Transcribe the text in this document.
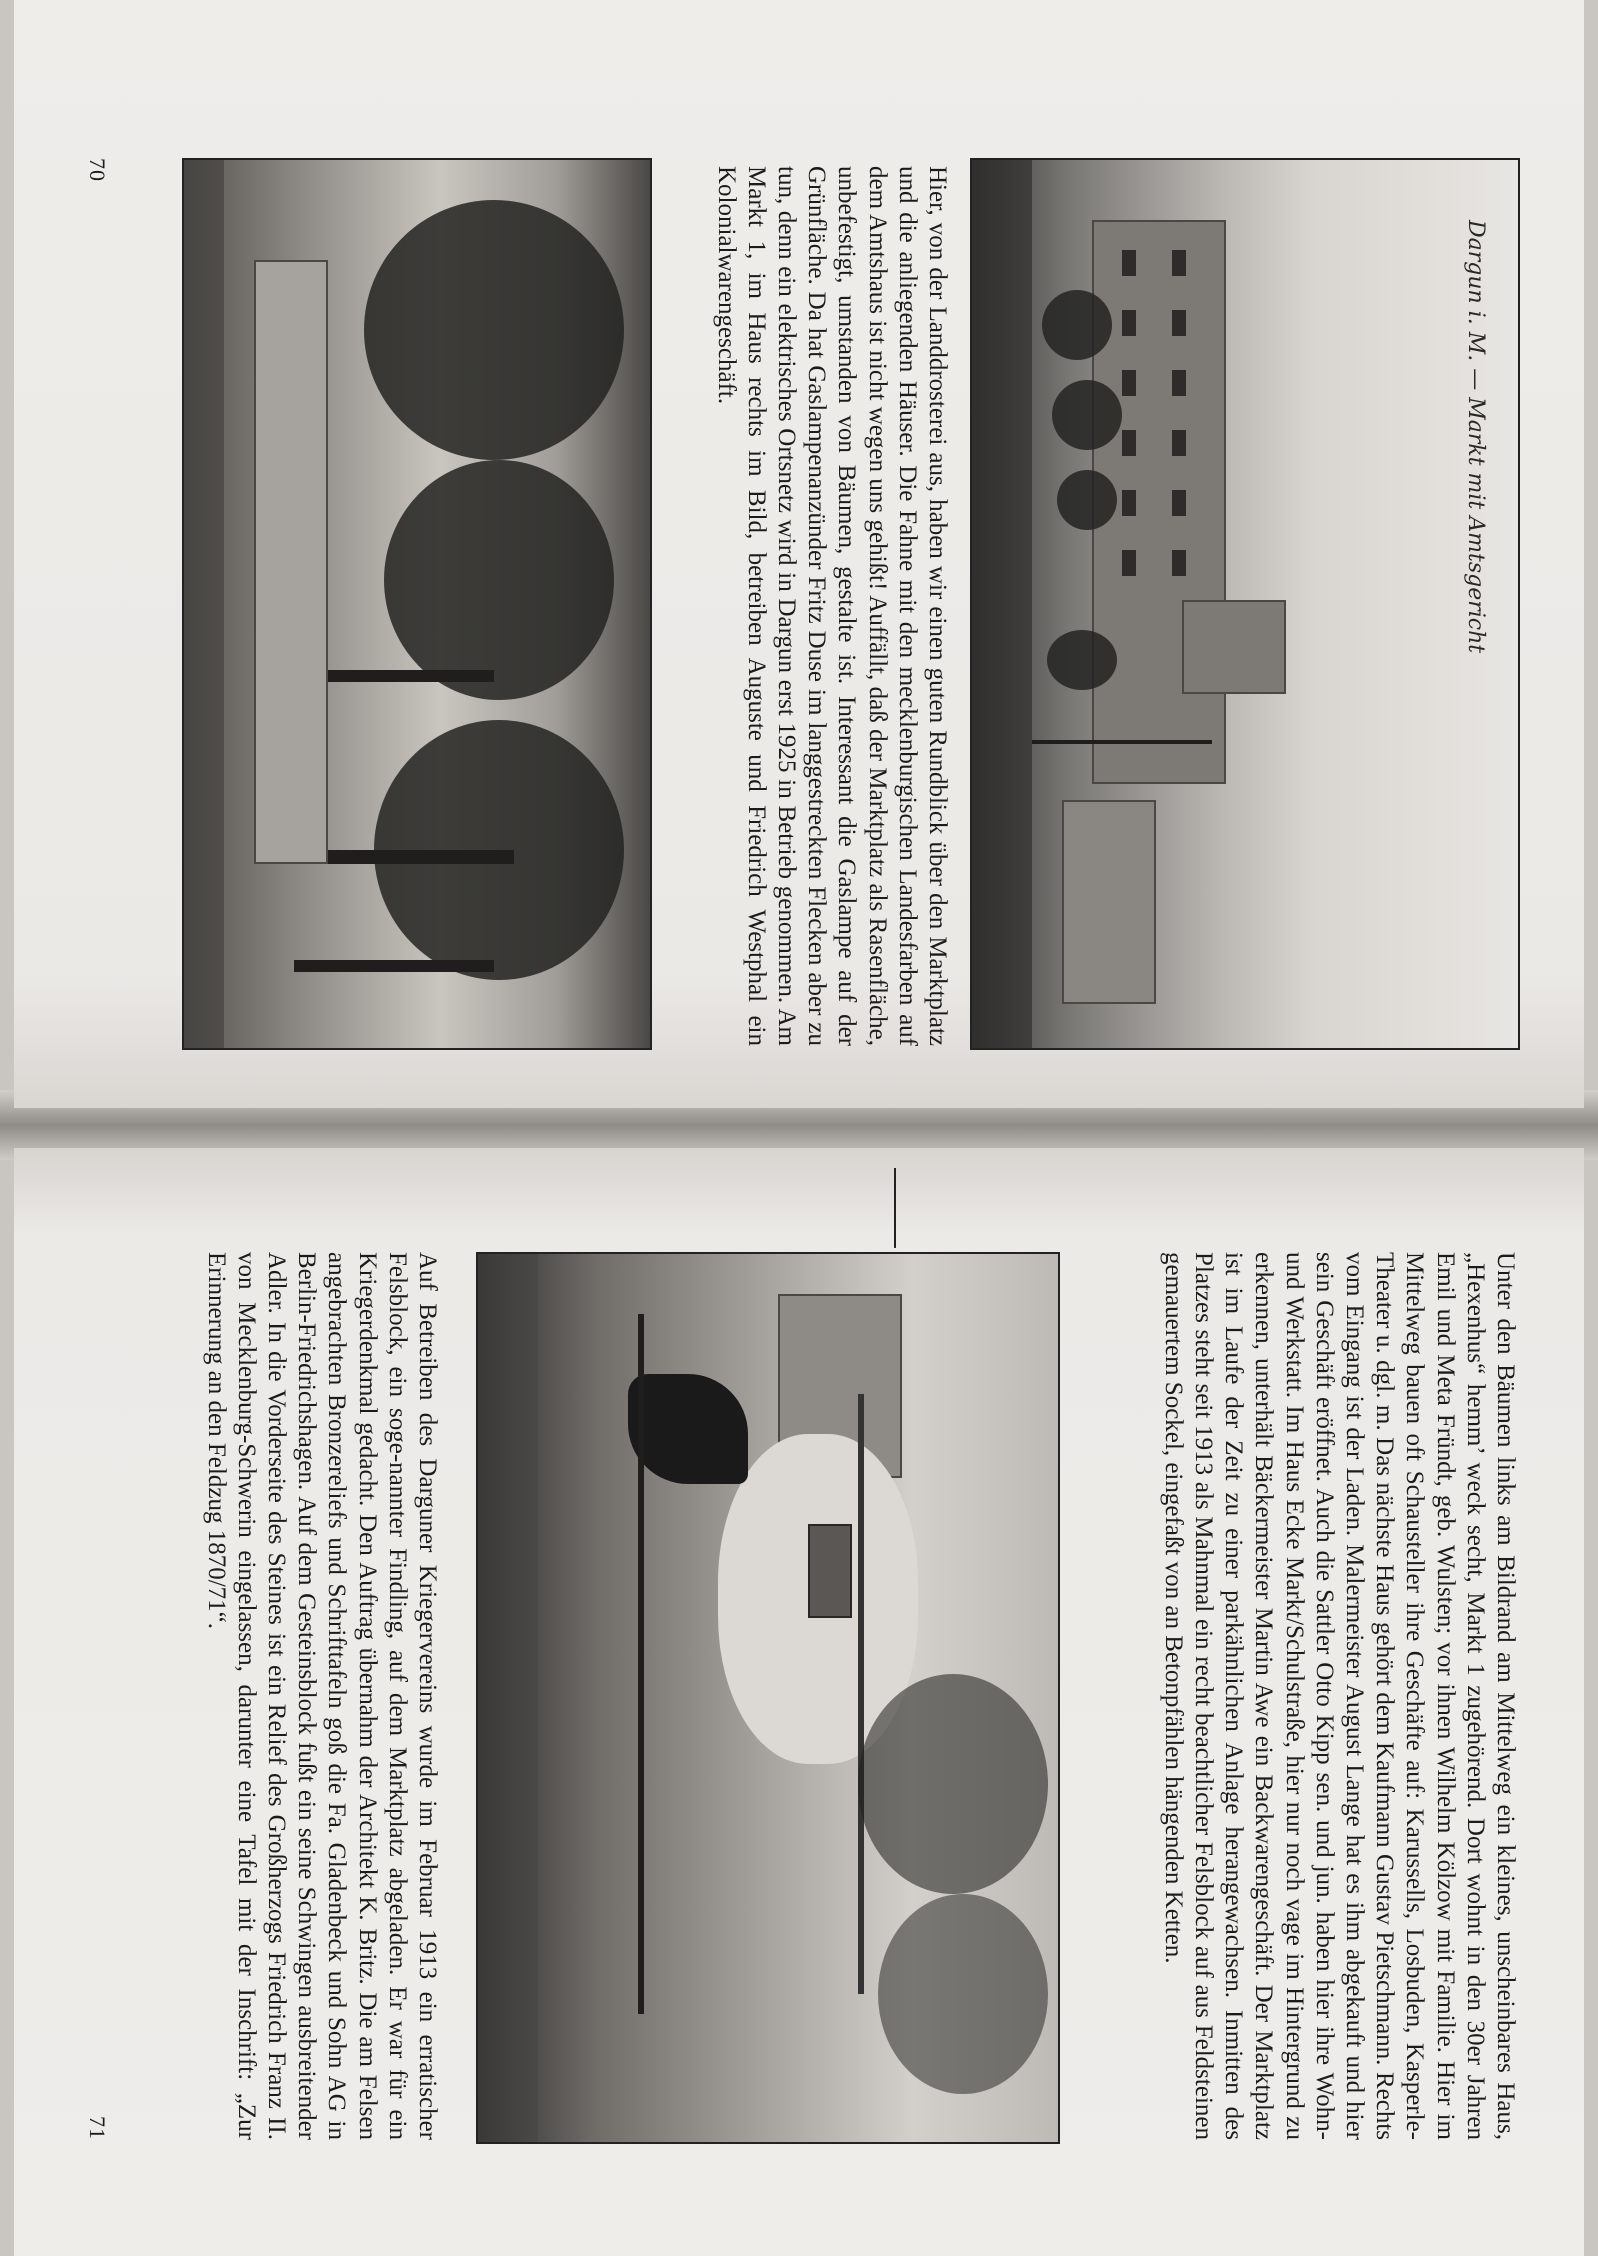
Dargun i. M. — Markt mit Amtsgericht
Hier, von der Landdrosterei aus, haben wir einen guten Rundblick über den Marktplatz und die anliegenden Häuser. Die Fahne mit den mecklenburgischen Landesfarben auf dem Amtshaus ist nicht wegen uns gehißt! Auffällt, daß der Marktplatz als Rasenfläche, unbefestigt, umstanden von Bäumen, gestalte ist. Interessant die Gaslampe auf der Grünfläche. Da hat Gaslampenanzünder Fritz Duse im langgestreckten Flecken aber zu tun, denn ein elektrisches Ortsnetz wird in Dargun erst 1925 in Betrieb genommen. Am Markt 1, im Haus rechts im Bild, betreiben Auguste und Friedrich Westphal ein Kolonialwarengeschäft.
70
Unter den Bäumen links am Bildrand am Mittelweg ein kleines, unscheinbares Haus, „Hexenhus“ hemm’ weck secht, Markt 1 zugehörend. Dort wohnt in den 30er Jahren Emil und Meta Fründt, geb. Wulsten; vor ihnen Wilhelm Kölzow mit Familie. Hier im Mittelweg bauen oft Schausteller ihre Geschäfte auf: Karussells, Losbuden, Kasperle-Theater u. dgl. m. Das nächste Haus gehört dem Kaufmann Gustav Pietschmann. Rechts vom Eingang ist der Laden. Malermeister August Lange hat es ihm abgekauft und hier sein Geschäft eröffnet. Auch die Sattler Otto Kipp sen. und jun. haben hier ihre Wohn- und Werkstatt. Im Haus Ecke Markt/Schulstraße, hier nur noch vage im Hintergrund zu erkennen, unterhält Bäckermeister Martin Awe ein Backwarengeschäft. Der Marktplatz ist im Laufe der Zeit zu einer parkähnlichen Anlage herangewachsen. Inmitten des Platzes steht seit 1913 als Mahnmal ein recht beachtlicher Felsblock auf aus Feldsteinen gemauertem Sockel, eingefaßt von an Betonpfählen hängenden Ketten.
Auf Betreiben des Darguner Kriegervereins wurde im Februar 1913 ein erratischer Felsblock, ein soge-nannter Findling, auf dem Marktplatz abgeladen. Er war für ein Kriegerdenkmal gedacht. Den Auftrag übernahm der Architekt K. Britz. Die am Felsen angebrachten Bronzereliefs und Schrifttafeln goß die Fa. Gladenbeck und Sohn AG in Berlin-Friedrichshagen. Auf dem Gesteinsblock fußt ein seine Schwingen ausbreitender Adler. In die Vorderseite des Steines ist ein Relief des Großherzogs Friedrich Franz II. von Mecklenburg-Schwerin eingelassen, darunter eine Tafel mit der Inschrift: „Zur Erinnerung an den Feldzug 1870/71“.
71
